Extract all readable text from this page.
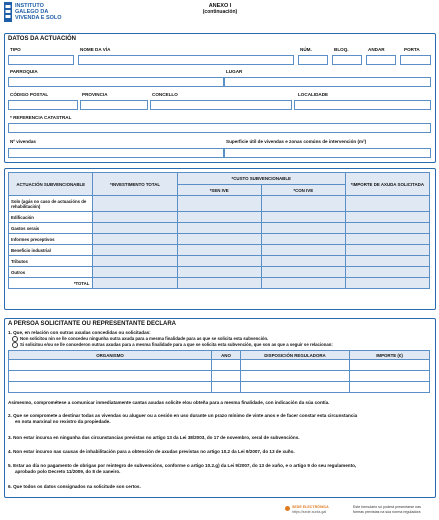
INSTITUTO
GALEGO DA
VIVENDA E SOLO
ANEXO I
(continuación)
DATOS DA ACTUACIÓN
TIPO	NOME DA VÍA	NÚM.	BLOQ.	ANDAR	PORTA
PARROQUIA	LUGAR
CÓDIGO POSTAL	PROVINCIA	CONCELLO	LOCALIDADE
* REFERENCIA CATASTRAL
Nº vivendas	Superficie útil de vivendas e zonas comúns de intervención (m²)
ACTUACIÓN SUBVENCIONABLE	*INVESTIMENTO TOTAL	*CUSTO SUBVENCIONABLE		*IMPORTE DE AXUDA SOLICITADA
		*SEN IVE	*CON IVE	
Solo (agás no caso de actuacións de rehabilitación)				
Edificación				
Gastos xerais				
Informes preceptivos				
Beneficio industrial				
Tributos				
Outros				
*TOTAL				
A PERSOA SOLICITANTE OU REPRESENTANTE DECLARA
1. Que, en relación con outras axudas concedidas ou solicitadas:
Non solicitou nin se lle concedeu ningunha outra axuda para a mesma finalidade para as que se solicita esta subvención.
Si solicitou e/ou se lle concederon outras axudas para a mesma finalidade para a que se solicita esta subvención, que son as que a seguir se relacionan:
ORGANISMO	ANO	DISPOSICIÓN REGULADORA	IMPORTE (€)

Asimesmo, comprométese a comunicar inmediatamente cantas axudas solicite e/ou obteña para a mesma finalidade, con indicación da súa contía.
2. Que se compromete a destinar todas as vivendas ou aluguer ou a cesión en uso durante un prazo mínimo de vinte anos e de facer constar esta circunstancia
en nota marxinal no rexistro da propiedade.
3. Non estar incursa en ningunha das circunstancias previstas no artigo 13 da Lei 38/2003, do 17 de novembro, xeral de subvencións.
4. Non estar incurso nas causas de inhabilitación para a obtención de axudas previstas no artigo 10.2 da Lei 9/2007, do 13 de xuño.
5. Estar ao día no pagamento de obrigas por reintegro de subvencións, conforme o artigo 10.2.g) da Lei 9/2007, do 13 de xuño, e o artigo 9 do seu regulamento,
aprobado polo Decreto 11/2009, do 8 de xaneiro.
6. Que todos os datos consignados na solicitude son certos.
SEDE ELECTRÓNICA
https://sede.xunta.gal
Este formulario só poderá presentarse nas
formas previstas na súa norma reguladora
